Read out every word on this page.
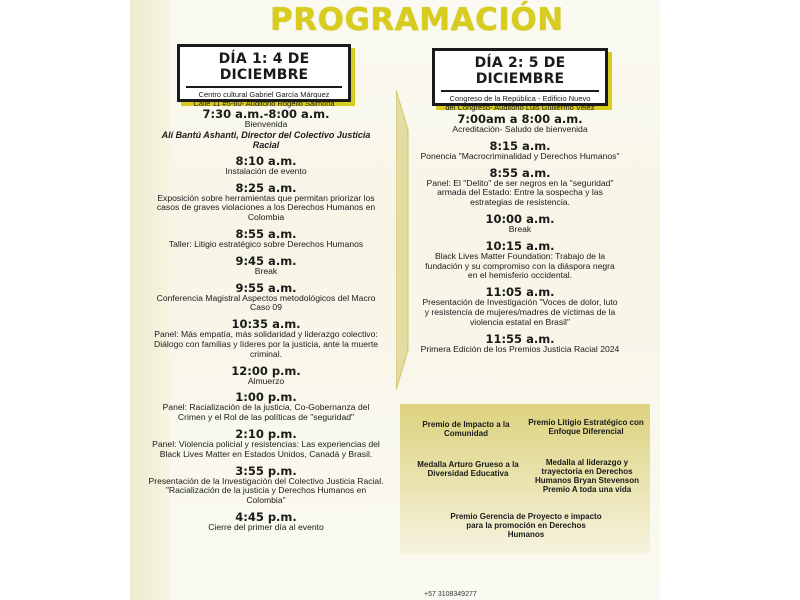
PROGRAMACIÓN
DÍA 1: 4 DE DICIEMBRE
Centro cultural Gabriel García Márquez
Calle 11 #5-60- Auditorio Rogelio Salmona
DÍA 2: 5 DE DICIEMBRE
Congreso de la República - Edificio Nuevo
del Congreso- Auditorio Luis Guillermo Vélez
7:30 a.m.-8:00 a.m.
Bienvenida
Alí Bantú Ashanti, Director del Colectivo Justicia Racial
8:10 a.m.
Instalación de evento
8:25 a.m.
Exposición sobre herramientas que permitan priorizar los casos de graves violaciones a los Derechos Humanos en Colombia
8:55 a.m.
Taller: Litigio estratégico sobre Derechos Humanos
9:45 a.m.
Break
9:55 a.m.
Conferencia Magistral Aspectos metodológicos del Macro Caso 09
10:35 a.m.
Panel: Más empatía, más solidaridad y liderazgo colectivo: Diálogo con familias y líderes por la justicia, ante la muerte criminal.
12:00 p.m.
Almuerzo
1:00 p.m.
Panel: Racialización de la justicia, Co-Gobernanza del Crimen y el Rol de las políticas de "seguridad"
2:10 p.m.
Panel: Violencia policial y resistencias: Las experiencias del Black Lives Matter en Estados Unidos, Canadá y Brasil.
3:55 p.m.
Presentación de la Investigación del Colectivo Justicia Racial. "Racialización de la justicia y Derechos Humanos en Colombia"
4:45 p.m.
Cierre del primer día al evento
7:00am a 8:00 a.m.
Acreditación- Saludo de bienvenida
8:15 a.m.
Ponencia "Macrocriminalidad y Derechos Humanos"
8:55 a.m.
Panel: El "Delito" de ser negros en la "seguridad" armada del Estado: Entre la sospecha y las estrategias de resistencia.
10:00 a.m.
Break
10:15 a.m.
Black Lives Matter Foundation: Trabajo de la fundación y su compromiso con la diáspora negra en el hemisferio occidental.
11:05 a.m.
Presentación de Investigación "Voces de dolor, luto y resistencia de mujeres/madres de víctimas de la violencia estatal en Brasil"
11:55 a.m.
Primera Edición de los Premios Justicia Racial 2024
Premio de Impacto a la Comunidad
Premio Litigio Estratégico con Enfoque Diferencial
Medalla Arturo Grueso a la Diversidad Educativa
Medalla al liderazgo y trayectoria en Derechos Humanos Bryan Stevenson Premio A toda una vida
Premio Gerencia de Proyecto e impacto para la promoción en Derechos Humanos
+57 3108349277
